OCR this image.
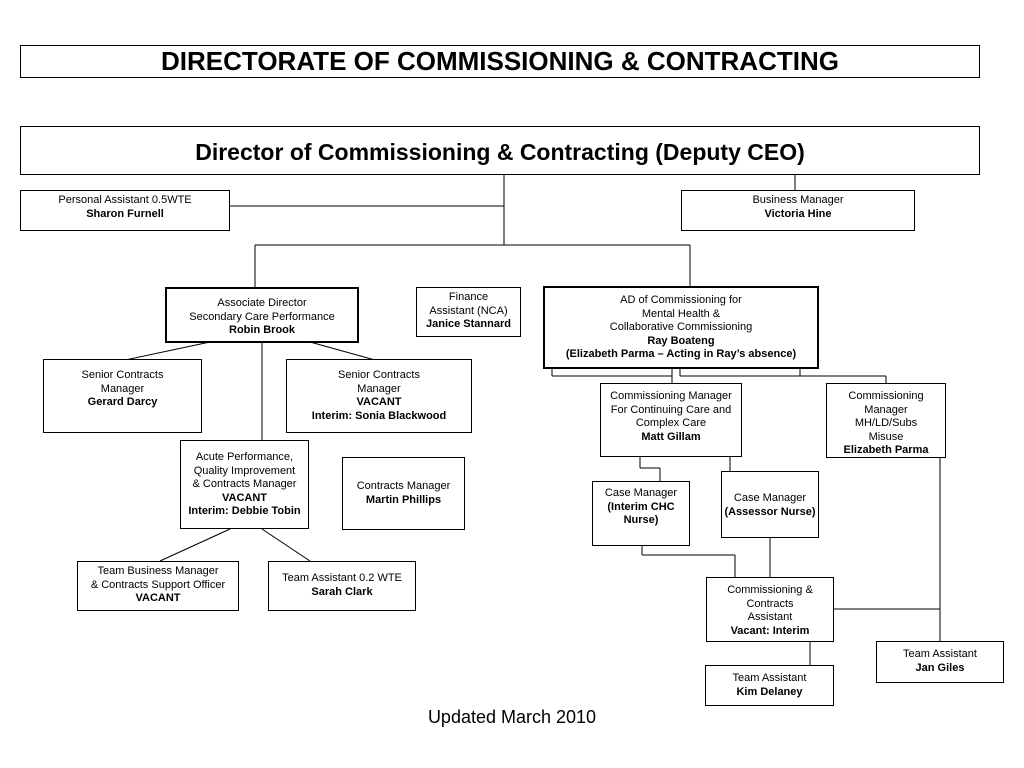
DIRECTORATE OF COMMISSIONING & CONTRACTING
Director of Commissioning & Contracting (Deputy CEO)
Personal Assistant 0.5WTE
Sharon Furnell
Business Manager
Victoria Hine
Associate Director
Secondary Care Performance
Robin Brook
Finance
Assistant (NCA)
Janice Stannard
AD of Commissioning for
Mental Health &
Collaborative Commissioning
Ray Boateng
(Elizabeth Parma – Acting in Ray’s absence)
Senior Contracts
Manager
Gerard Darcy
Senior Contracts
Manager
VACANT
Interim: Sonia Blackwood
Acute Performance,
Quality Improvement
& Contracts Manager
VACANT
Interim: Debbie Tobin
Contracts Manager
Martin Phillips
Team Business Manager
& Contracts Support Officer
VACANT
Team Assistant 0.2 WTE
Sarah Clark
Commissioning Manager
For Continuing Care and
Complex Care
Matt Gillam
Commissioning
Manager
MH/LD/Subs
Misuse
Elizabeth Parma
Case Manager
(Interim CHC
Nurse)
Case Manager
(Assessor Nurse)
Commissioning &
Contracts
Assistant
Vacant: Interim
Team Assistant
Kim Delaney
Team Assistant
Jan Giles
Updated March 2010
